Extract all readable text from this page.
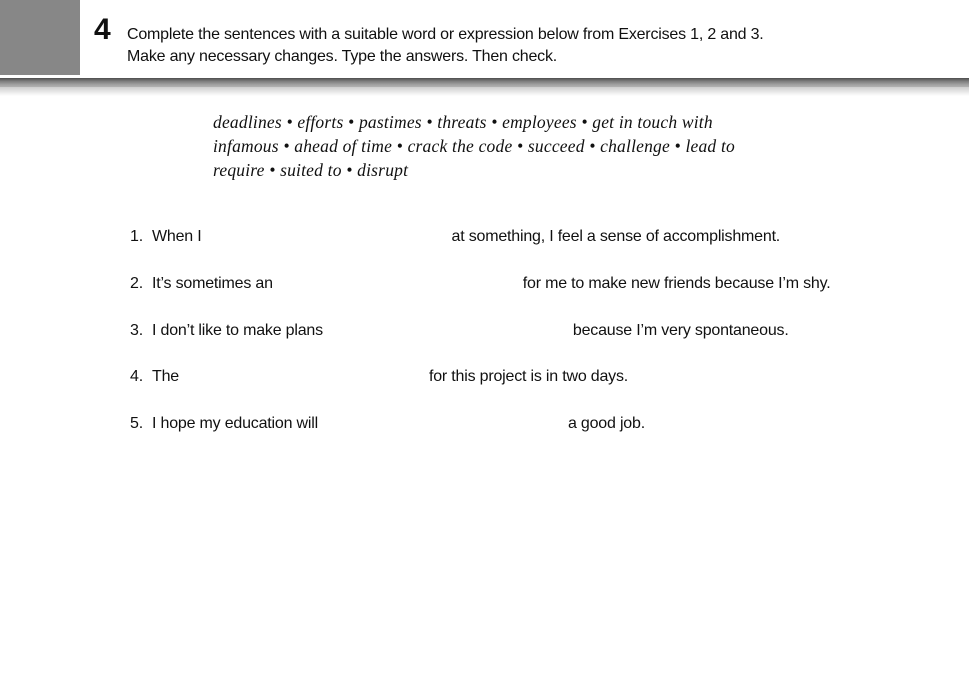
4 Complete the sentences with a suitable word or expression below from Exercises 1, 2 and 3.
Make any necessary changes. Type the answers. Then check.
deadlines • efforts • pastimes • threats • employees • get in touch with
infamous • ahead of time • crack the code • succeed • challenge • lead to
require • suited to • disrupt
1. When I	at something, I feel a sense of accomplishment.
2. It’s sometimes an	for me to make new friends because I’m shy.
3. I don’t like to make plans	because I’m very spontaneous.
4. The	for this project is in two days.
5. I hope my education will	a good job.
